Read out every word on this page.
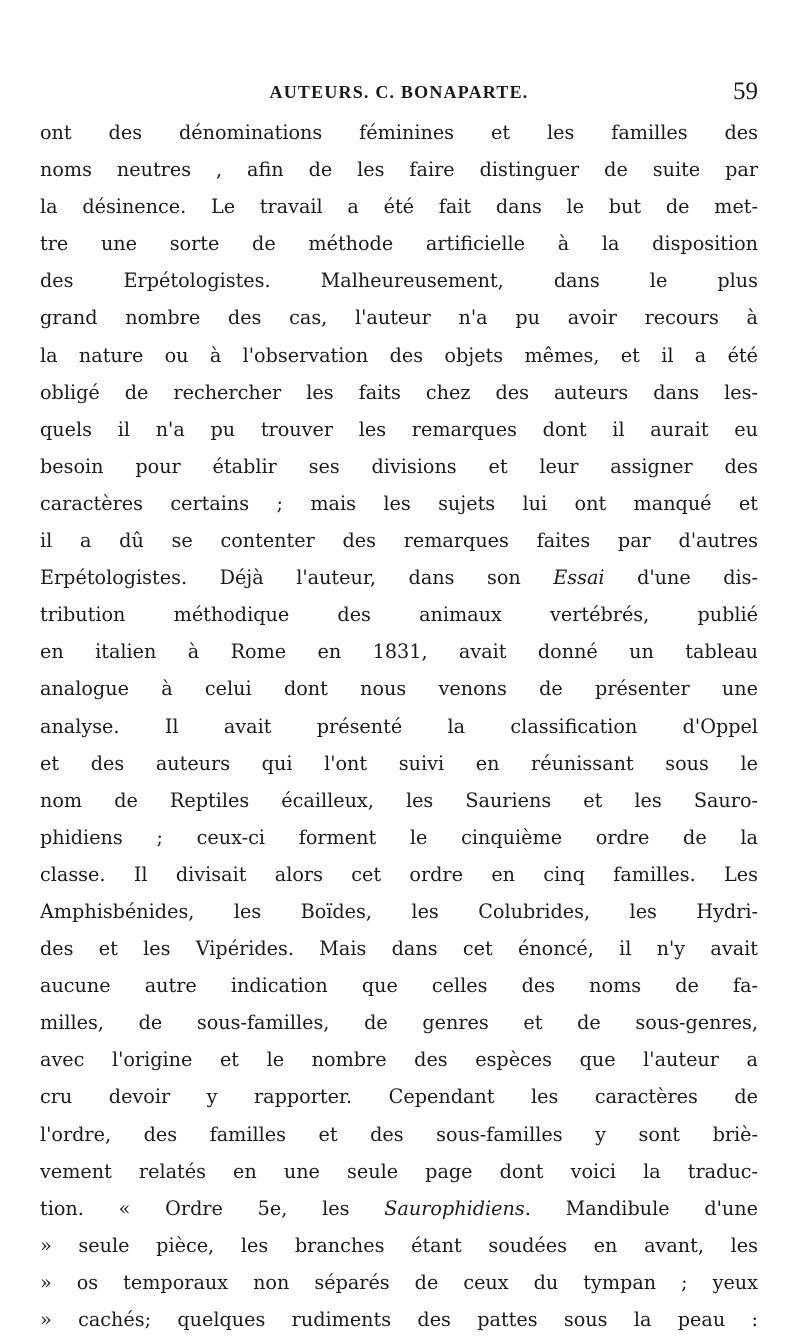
AUTEURS. C. BONAPARTE.	59
ont des dénominations féminines et les familles des
noms neutres , afin de les faire distinguer de suite par
la désinence. Le travail a été fait dans le but de met-
tre une sorte de méthode artificielle à la disposition
des Erpétologistes. Malheureusement, dans le plus
grand nombre des cas, l'auteur n'a pu avoir recours à
la nature ou à l'observation des objets mêmes, et il a été
obligé de rechercher les faits chez des auteurs dans les-
quels il n'a pu trouver les remarques dont il aurait eu
besoin pour établir ses divisions et leur assigner des
caractères certains ; mais les sujets lui ont manqué et
il a dû se contenter des remarques faites par d'autres
Erpétologistes. Déjà l'auteur, dans son Essai d'une dis-
tribution méthodique des animaux vertébrés, publié
en italien à Rome en 1831, avait donné un tableau
analogue à celui dont nous venons de présenter une
analyse. Il avait présenté la classification d'Oppel
et des auteurs qui l'ont suivi en réunissant sous le
nom de Reptiles écailleux, les Sauriens et les Sauro-
phidiens ; ceux-ci forment le cinquième ordre de la
classe. Il divisait alors cet ordre en cinq familles. Les
Amphisbénides, les Boïdes, les Colubrides, les Hydri-
des et les Vipérides. Mais dans cet énoncé, il n'y avait
aucune autre indication que celles des noms de fa-
milles, de sous-familles, de genres et de sous-genres,
avec l'origine et le nombre des espèces que l'auteur a
cru devoir y rapporter. Cependant les caractères de
l'ordre, des familles et des sous-familles y sont briè-
vement relatés en une seule page dont voici la traduc-
tion. « Ordre 5e, les Saurophidiens. Mandibule d'une
» seule pièce, les branches étant soudées en avant, les
» os temporaux non séparés de ceux du tympan ; yeux
» cachés; quelques rudiments des pattes sous la peau :
